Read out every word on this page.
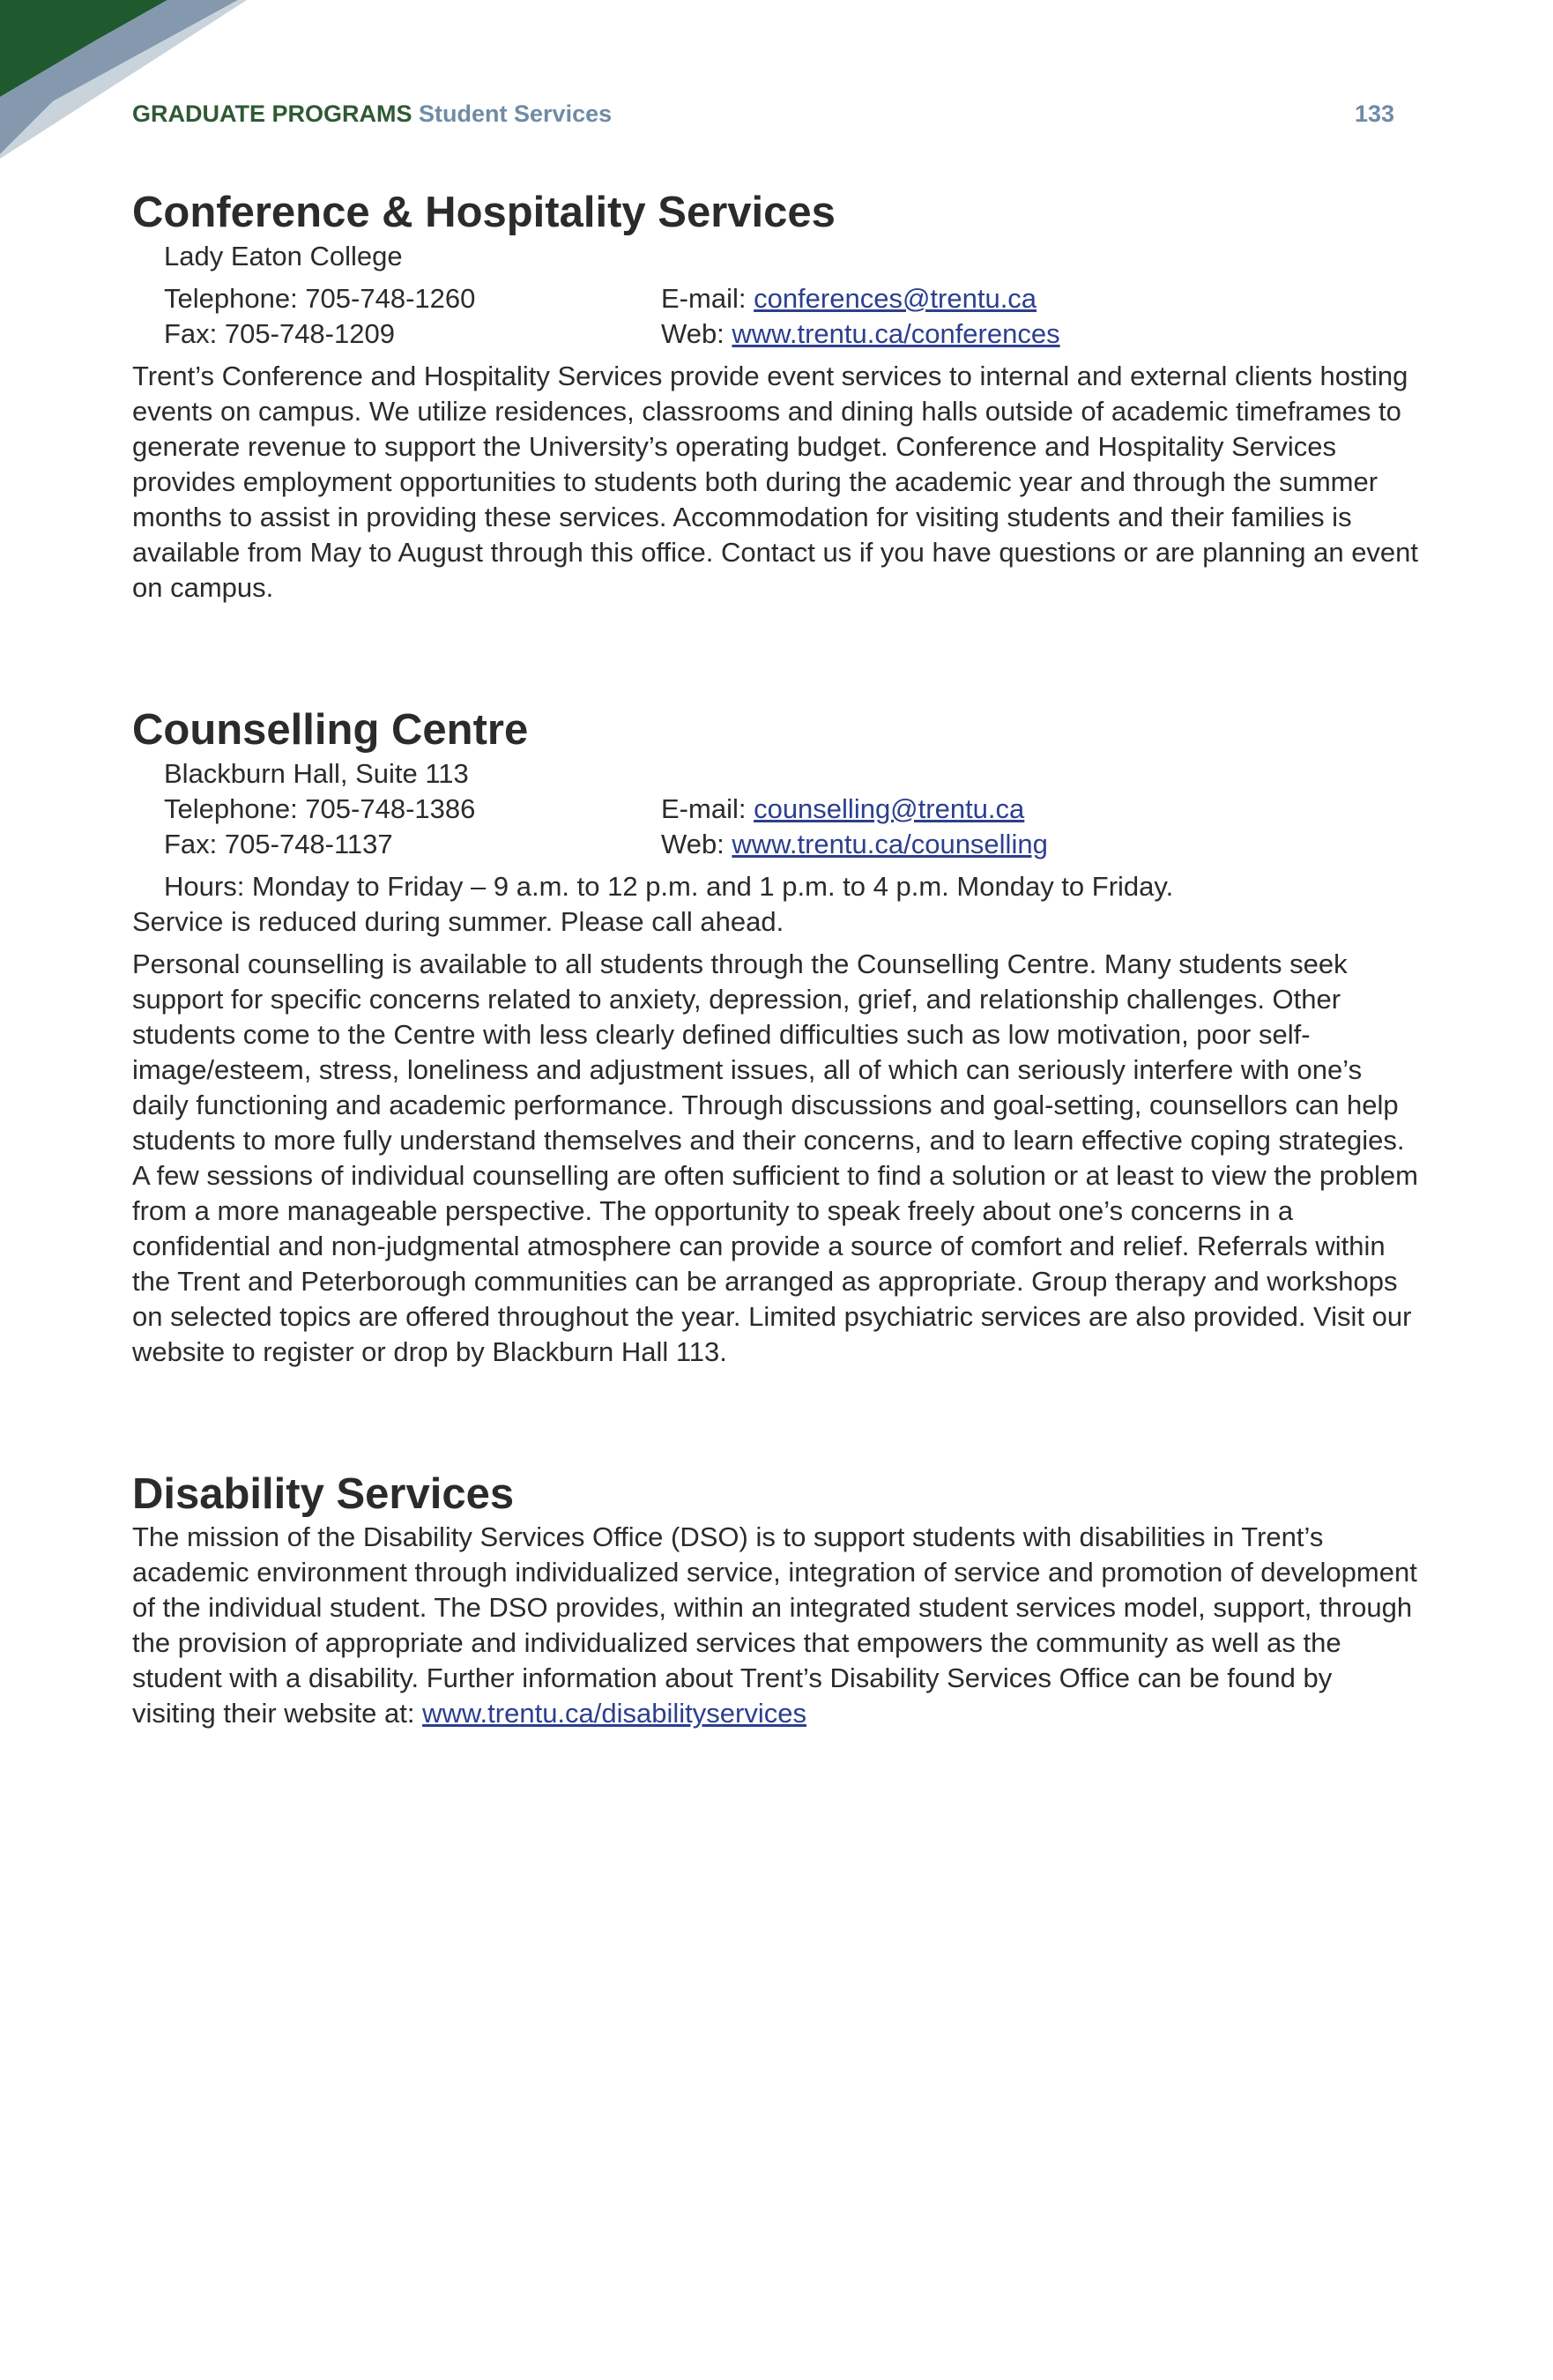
GRADUATE PROGRAMS Student Services	133
Conference & Hospitality Services
Lady Eaton College
Telephone: 705-748-1260	E-mail: conferences@trentu.ca
Fax: 705-748-1209	Web: www.trentu.ca/conferences

Trent’s Conference and Hospitality Services provide event services to internal and external clients hosting events on campus. We utilize residences, classrooms and dining halls outside of academic timeframes to generate revenue to support the University’s operating budget. Conference and Hospitality Services provides employment opportunities to students both during the academic year and through the summer months to assist in providing these services. Accommodation for visiting students and their families is available from May to August through this office. Contact us if you have questions or are planning an event on campus.

Counselling Centre
Blackburn Hall, Suite 113
Telephone: 705-748-1386	E-mail: counselling@trentu.ca
Fax: 705-748-1137	Web: www.trentu.ca/counselling
Hours: Monday to Friday – 9 a.m. to 12 p.m. and 1 p.m. to 4 p.m. Monday to Friday.
Service is reduced during summer. Please call ahead.

Personal counselling is available to all students through the Counselling Centre. Many students seek support for specific concerns related to anxiety, depression, grief, and relationship challenges. Other students come to the Centre with less clearly defined difficulties such as low motivation, poor self-image/esteem, stress, loneliness and adjustment issues, all of which can seriously interfere with one’s daily functioning and academic performance. Through discussions and goal-setting, counsellors can help students to more fully understand themselves and their concerns, and to learn effective coping strategies. A few sessions of individual counselling are often sufficient to find a solution or at least to view the problem from a more manageable perspective. The opportunity to speak freely about one’s concerns in a confidential and non-judgmental atmosphere can provide a source of comfort and relief. Referrals within the Trent and Peterborough communities can be arranged as appropriate. Group therapy and workshops on selected topics are offered throughout the year. Limited psychiatric services are also provided. Visit our website to register or drop by Blackburn Hall 113.

Disability Services

The mission of the Disability Services Office (DSO) is to support students with disabilities in Trent’s academic environment through individualized service, integration of service and promotion of development of the individual student. The DSO provides, within an integrated student services model, support, through the provision of appropriate and individualized services that empowers the community as well as the student with a disability. Further information about Trent’s Disability Services Office can be found by visiting their website at: www.trentu.ca/disabilityservices
